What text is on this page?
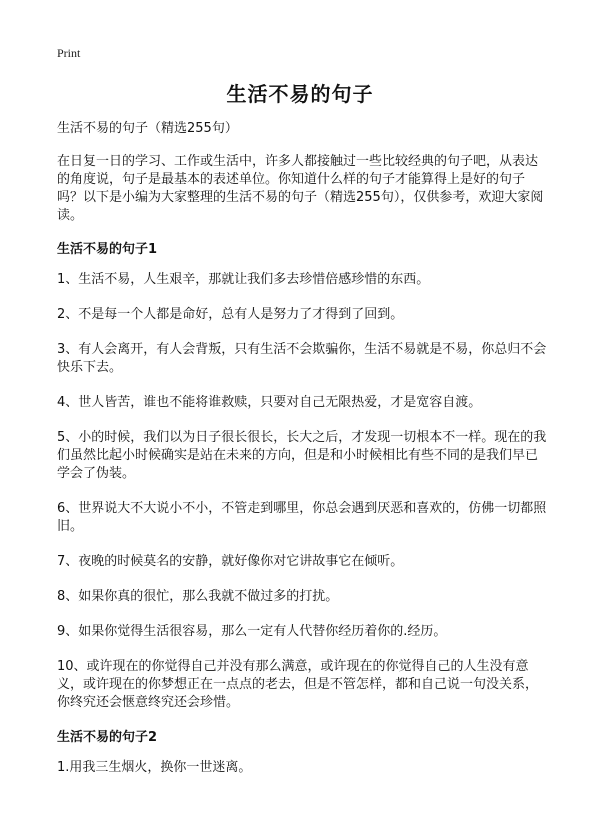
Print
生活不易的句子

生活不易的句子（精选255句）

在日复一日的学习、工作或生活中，许多人都接触过一些比较经典的句子吧，从表达的角度说，句子是最基本的表述单位。你知道什么样的句子才能算得上是好的句子吗？以下是小编为大家整理的生活不易的句子（精选255句），仅供参考，欢迎大家阅读。

生活不易的句子1

1、生活不易，人生艰辛，那就让我们多去珍惜倍感珍惜的东西。

2、不是每一个人都是命好，总有人是努力了才得到了回到。

3、有人会离开，有人会背叛，只有生活不会欺骗你，生活不易就是不易，你总归不会快乐下去。

4、世人皆苦，谁也不能将谁救赎，只要对自己无限热爱，才是宽容自渡。

5、小的时候，我们以为日子很长很长，长大之后，才发现一切根本不一样。现在的我们虽然比起小时候确实是站在未来的方向，但是和小时候相比有些不同的是我们早已学会了伪装。

6、世界说大不大说小不小，不管走到哪里，你总会遇到厌恶和喜欢的，仿佛一切都照旧。

7、夜晚的时候莫名的安静，就好像你对它讲故事它在倾听。

8、如果你真的很忙，那么我就不做过多的打扰。

9、如果你觉得生活很容易，那么一定有人代替你经历着你的.经历。

10、或许现在的你觉得自己并没有那么满意，或许现在的你觉得自己的人生没有意义，或许现在的你梦想正在一点点的老去，但是不管怎样，都和自己说一句没关系，你终究还会惬意终究还会珍惜。

生活不易的句子2

1.用我三生烟火，换你一世迷离。
